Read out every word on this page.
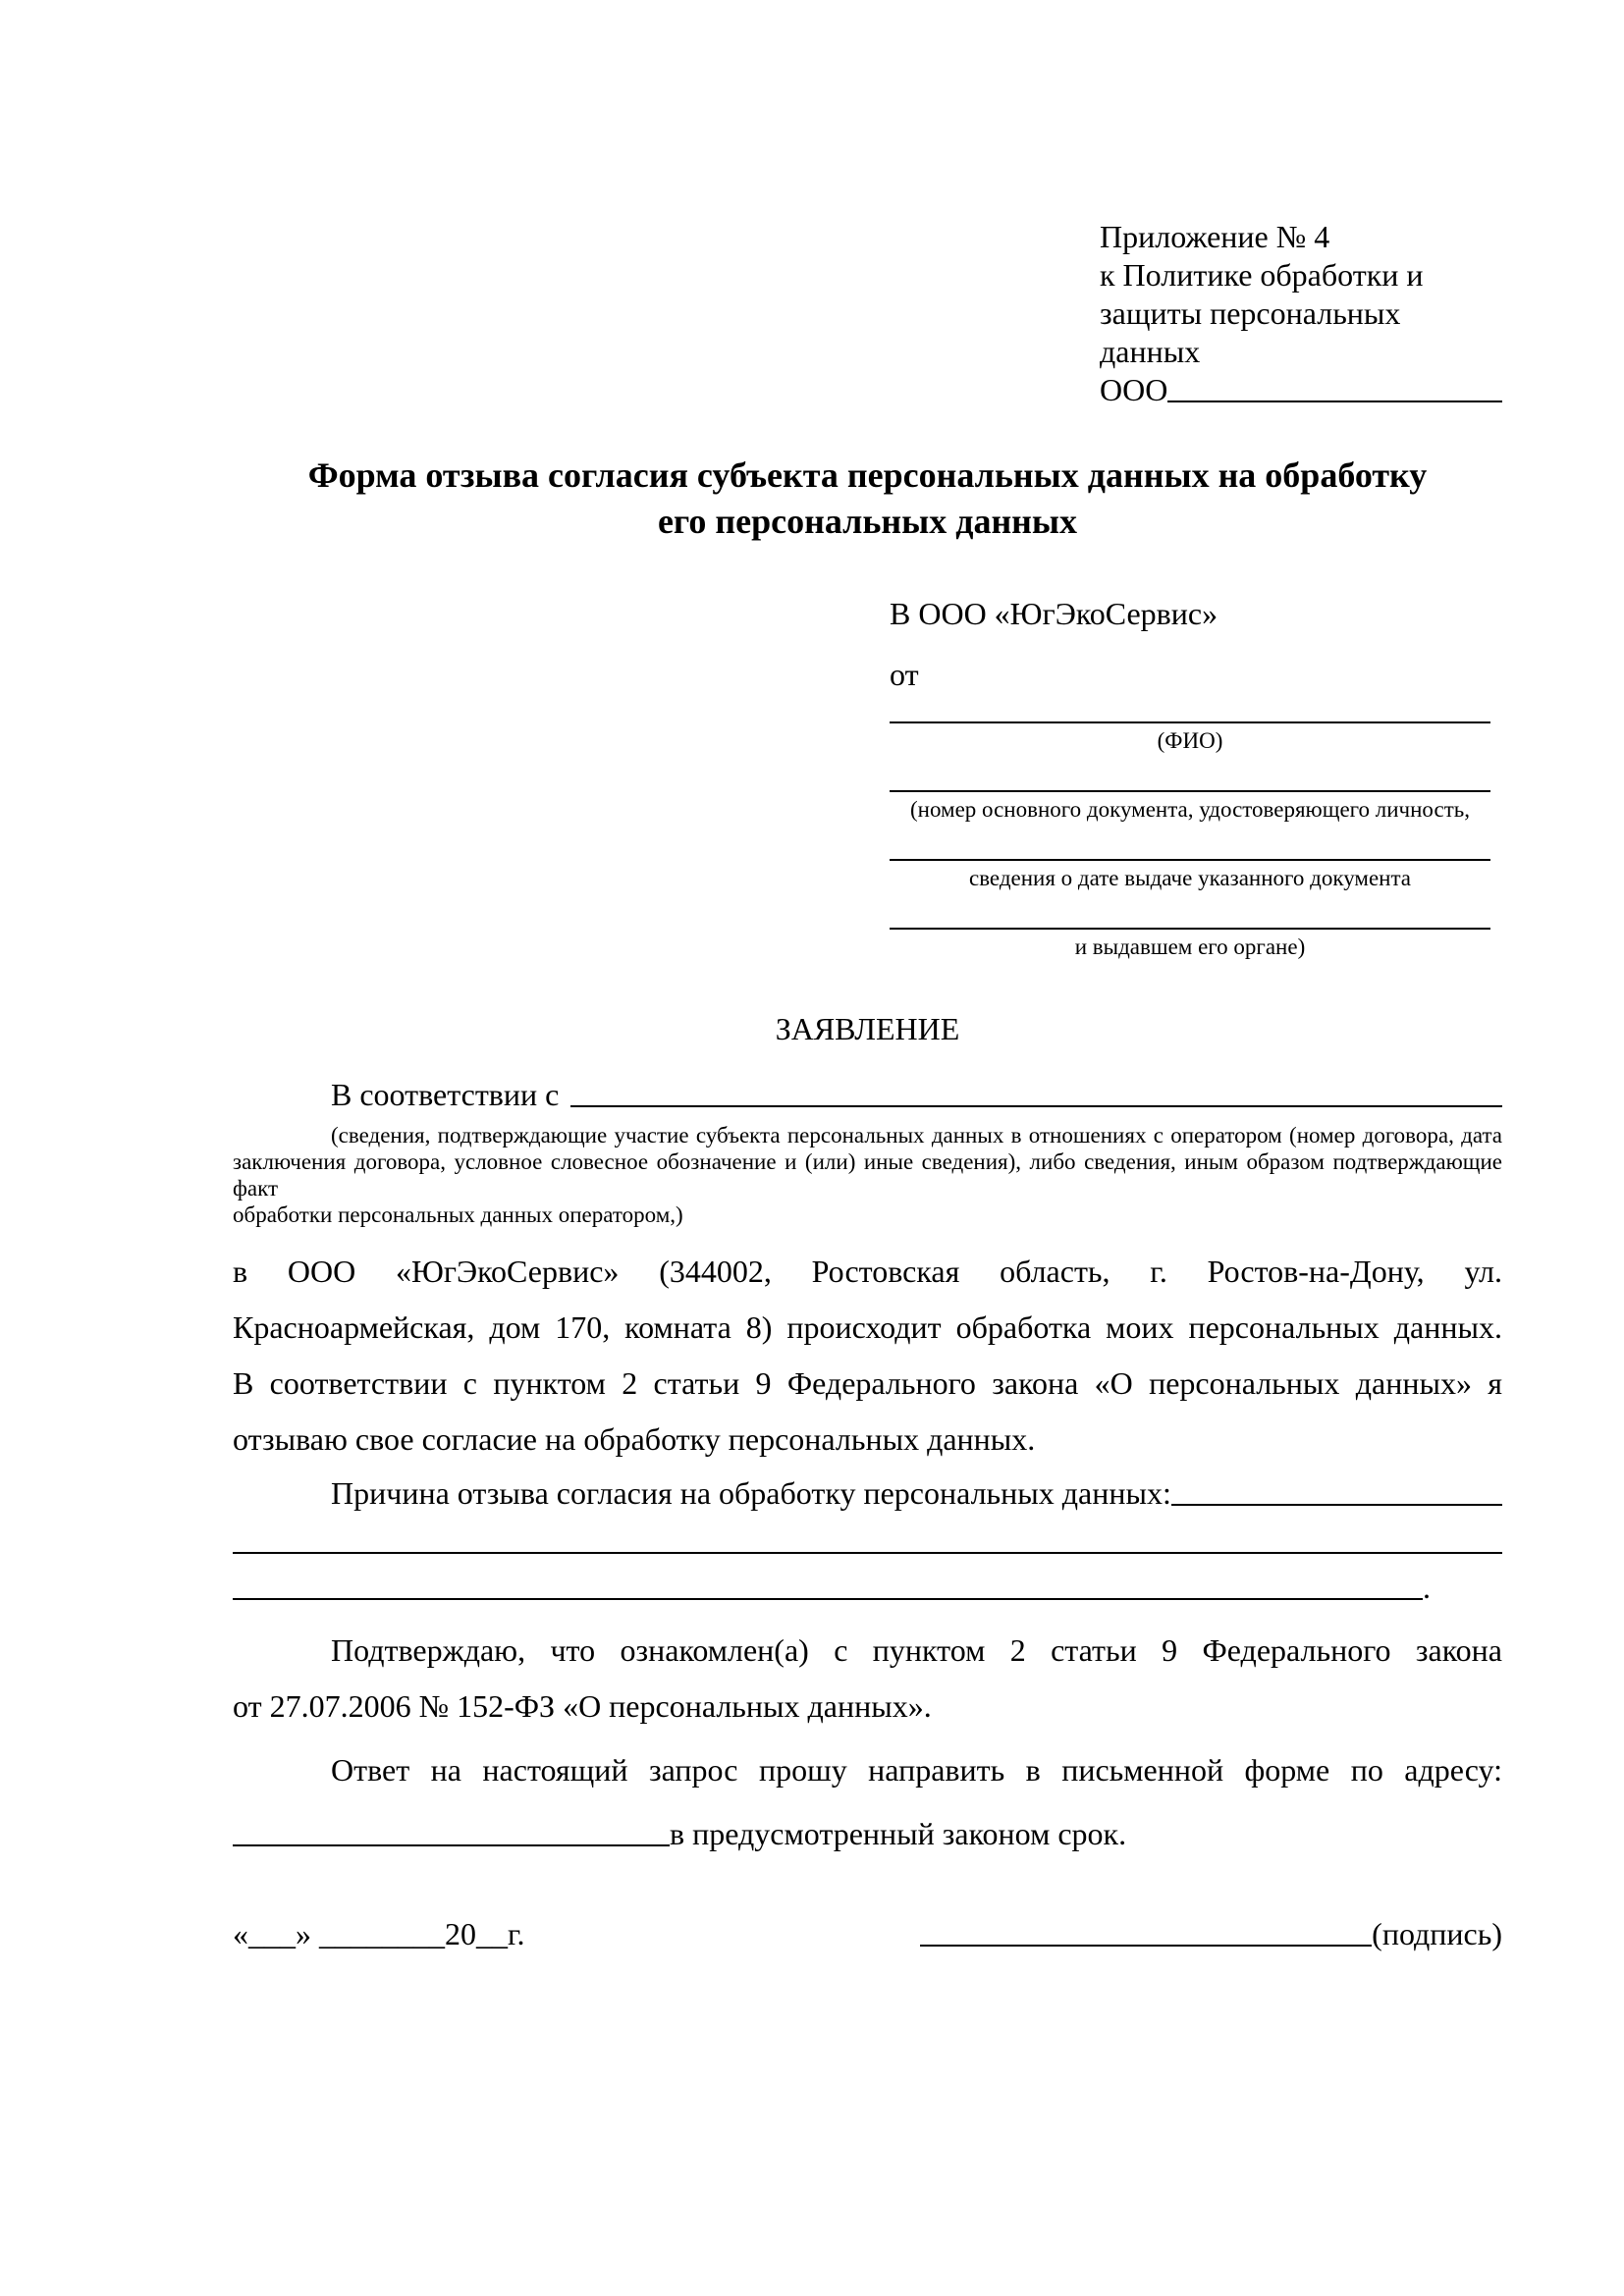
Приложение № 4
к Политике обработки и
защиты персональных данных
ООО
Форма отзыва согласия субъекта персональных данных на обработку
его персональных данных
В ООО «ЮгЭкоСервис»
от
(ФИО)
(номер основного документа, удостоверяющего личность,
сведения о дате выдаче указанного документа
и выдавшем его органе)
ЗАЯВЛЕНИЕ
В соответствии с
(сведения, подтверждающие участие субъекта персональных данных в отношениях с оператором (номер договора, дата
заключения договора, условное словесное обозначение и (или) иные сведения), либо сведения, иным образом подтверждающие факт
обработки персональных данных оператором,)
в ООО «ЮгЭкоСервис» (344002, Ростовская область, г. Ростов-на-Дону, ул.
Красноармейская, дом 170, комната 8) происходит обработка моих персональных данных.
В соответствии с пунктом 2 статьи 9 Федерального закона «О персональных данных» я
отзываю свое согласие на обработку персональных данных.
Причина отзыва согласия на обработку персональных данных:
.
Подтверждаю, что ознакомлен(а) с пунктом 2 статьи 9 Федерального закона
от 27.07.2006 № 152-ФЗ «О персональных данных».
Ответ на настоящий запрос прошу направить в письменной форме по адресу:
в предусмотренный законом срок.
«___» ________20__г.	(подпись)
